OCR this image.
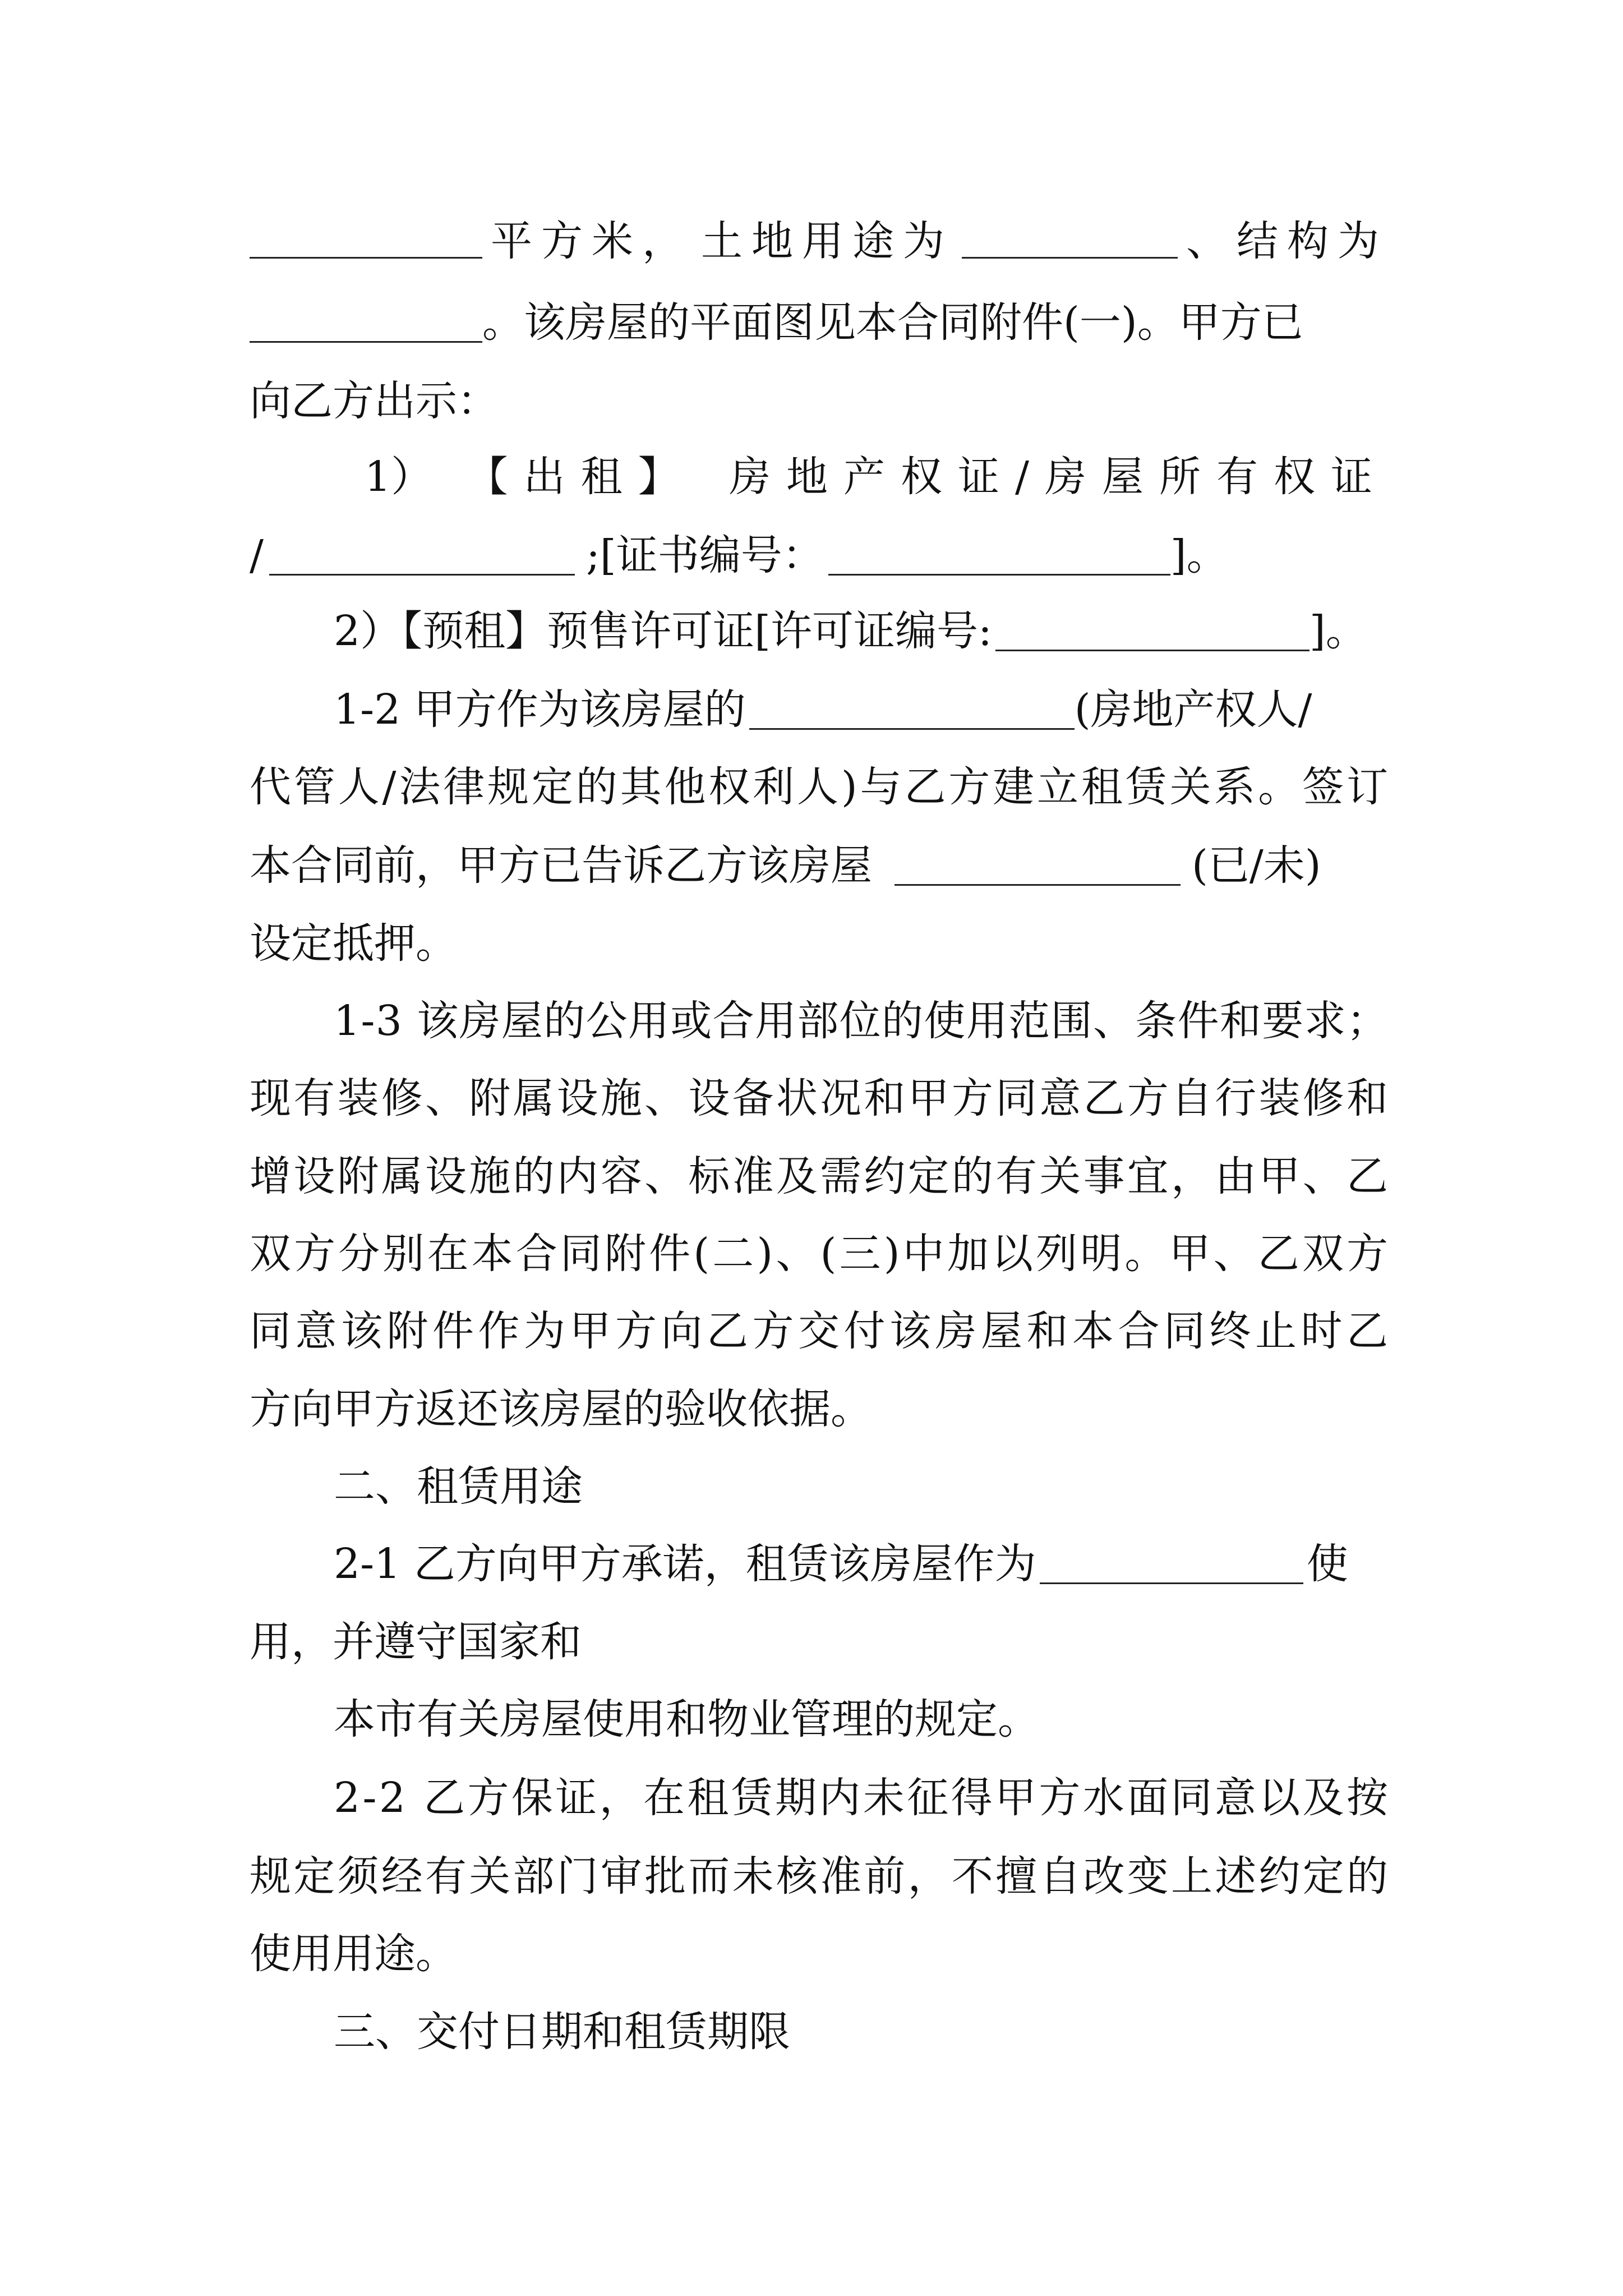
平方米， 土地用途为	、结构为
。该房屋的平面图见本合同附件(一)。甲方已
向乙方出示：
1） 【出租】 房地产权证/房屋所有权证
/	;[证书编号：	]。
2）【预租】预售许可证[许可证编号:	]。
1-2 甲方作为该房屋的	(房地产权人/
代管人/法律规定的其他权利人)与乙方建立租赁关系。签订
本合同前，甲方已告诉乙方该房屋	(已/未)
设定抵押。
1-3 该房屋的公用或合用部位的使用范围、条件和要求；
现有装修、附属设施、设备状况和甲方同意乙方自行装修和
增设附属设施的内容、标准及需约定的有关事宜，由甲、乙
双方分别在本合同附件(二)、(三)中加以列明。甲、乙双方
同意该附件作为甲方向乙方交付该房屋和本合同终止时乙
方向甲方返还该房屋的验收依据。
二、租赁用途
2-1 乙方向甲方承诺，租赁该房屋作为	使
用，并遵守国家和
本市有关房屋使用和物业管理的规定。
2-2 乙方保证，在租赁期内未征得甲方水面同意以及按
规定须经有关部门审批而未核准前，不擅自改变上述约定的
使用用途。
三、交付日期和租赁期限
